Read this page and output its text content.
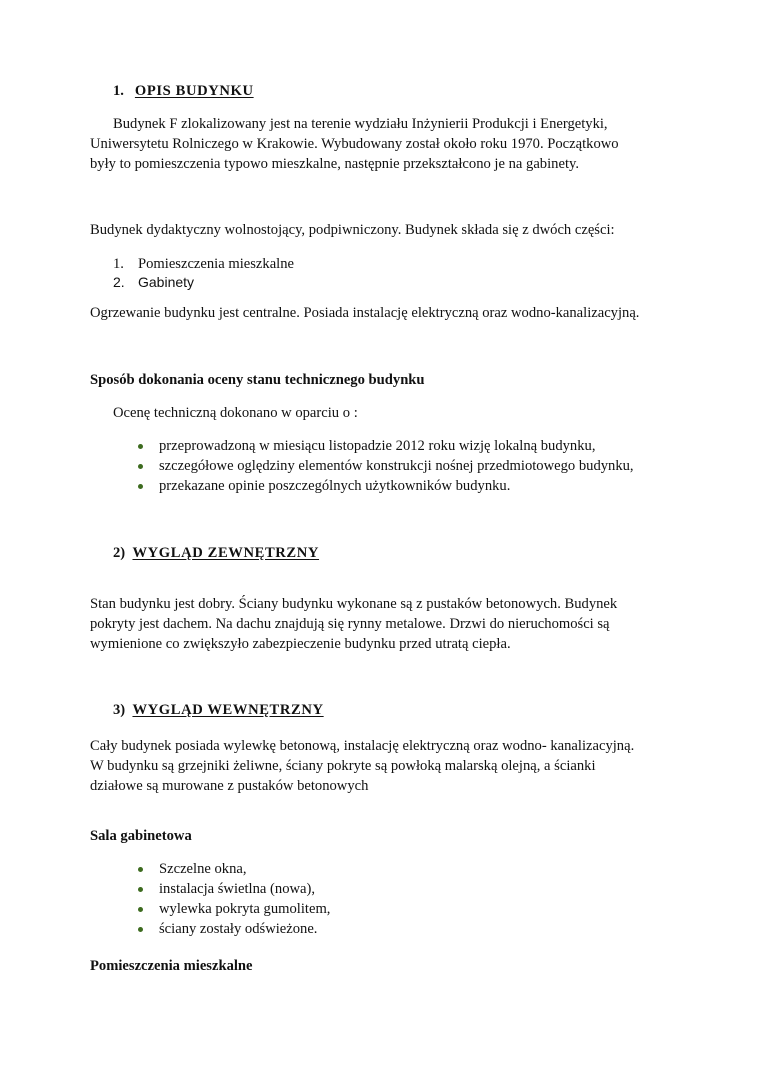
1. OPIS BUDYNKU
Budynek F zlokalizowany jest na terenie wydziału Inżynierii Produkcji i Energetyki,
Uniwersytetu Rolniczego w Krakowie. Wybudowany został około roku 1970. Początkowo
były to pomieszczenia typowo mieszkalne, następnie przekształcono je na gabinety.
Budynek dydaktyczny wolnostojący, podpiwniczony. Budynek składa się z dwóch części:
1. Pomieszczenia mieszkalne
2. Gabinety
Ogrzewanie budynku jest centralne. Posiada instalację elektryczną oraz wodno-kanalizacyjną.
Sposób dokonania oceny stanu technicznego budynku
Ocenę techniczną dokonano w oparciu o :
przeprowadzoną w miesiącu listopadzie 2012 roku wizję lokalną budynku,
szczegółowe oględziny elementów konstrukcji nośnej przedmiotowego budynku,
przekazane opinie poszczególnych użytkowników budynku.
2) WYGLĄD ZEWNĘTRZNY
Stan budynku jest dobry. Ściany budynku wykonane są z pustaków betonowych. Budynek
pokryty jest dachem. Na dachu znajdują się rynny metalowe. Drzwi do nieruchomości są
wymienione co zwiększyło zabezpieczenie budynku przed utratą ciepła.
3) WYGLĄD WEWNĘTRZNY
Cały budynek posiada wylewkę betonową, instalację elektryczną oraz wodno- kanalizacyjną.
W budynku są grzejniki żeliwne, ściany pokryte są powłoką malarską olejną, a ścianki
działowe są murowane z pustaków betonowych
Sala gabinetowa
Szczelne okna,
instalacja świetlna (nowa),
wylewka pokryta gumolitem,
ściany zostały odświeżone.
Pomieszczenia mieszkalne
